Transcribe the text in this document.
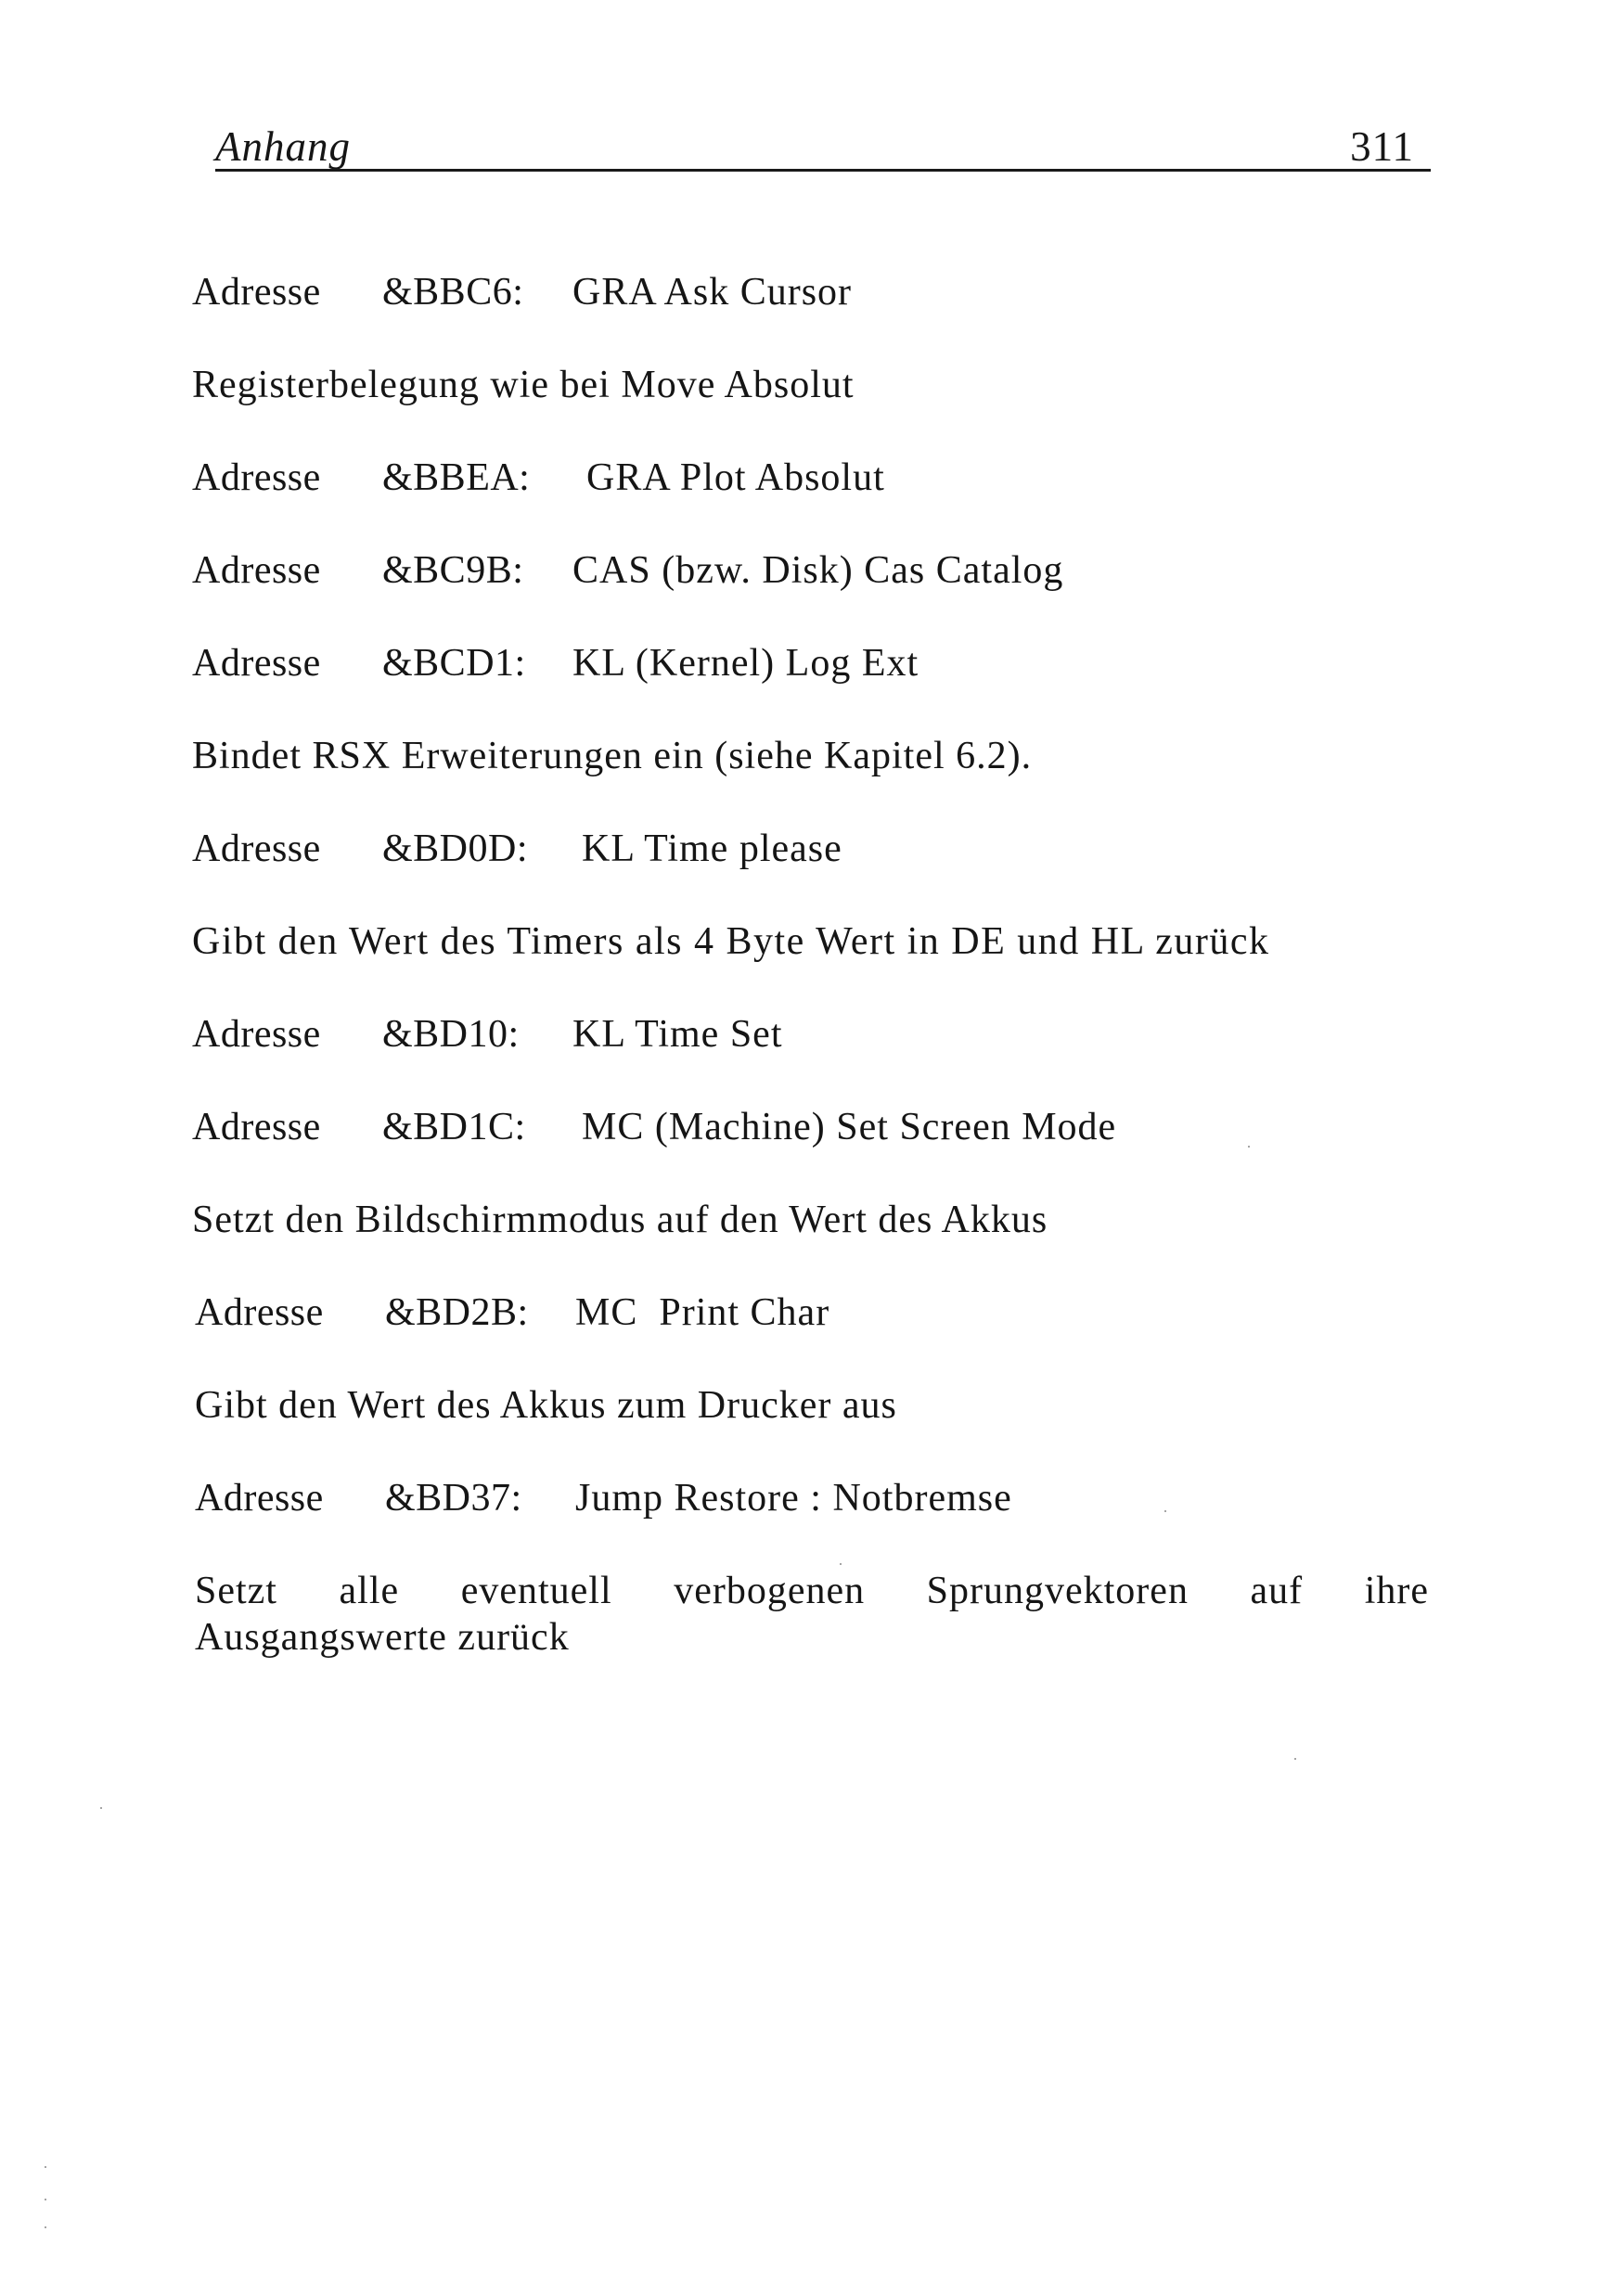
Anhang	311
Adresse	&BBC6:	GRA Ask Cursor
Registerbelegung wie bei Move Absolut
Adresse	&BBEA:	GRA Plot Absolut
Adresse	&BC9B:	CAS (bzw. Disk) Cas Catalog
Adresse	&BCD1:	KL (Kernel) Log Ext
Bindet RSX Erweiterungen ein (siehe Kapitel 6.2).
Adresse	&BD0D:	KL Time please
Gibt den Wert des Timers als 4 Byte Wert in DE und HL zurück
Adresse	&BD10:	KL Time Set
Adresse	&BD1C:	MC (Machine) Set Screen Mode
Setzt den Bildschirmmodus auf den Wert des Akkus
Adresse	&BD2B:	MC  Print Char
Gibt den Wert des Akkus zum Drucker aus
Adresse	&BD37:	Jump Restore : Notbremse
Setzt alle eventuell verbogenen Sprungvektoren auf ihre
Ausgangswerte zurück
